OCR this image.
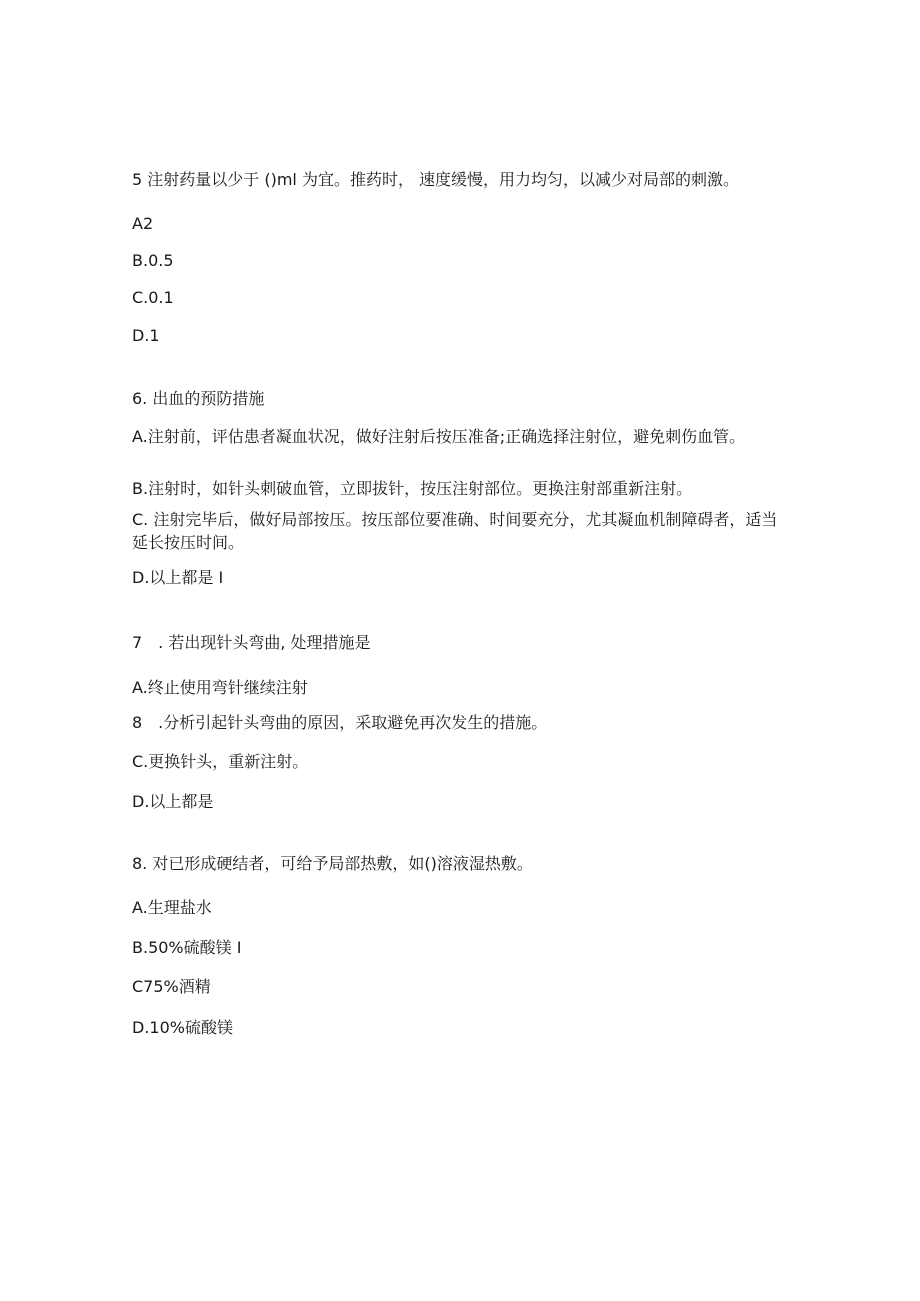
5 注射药量以少于 ()ml 为宜。推药时， 速度缓慢，用力均匀，以减少对局部的刺激。
A2
B.0.5
C.0.1
D.1
6. 出血的预防措施
A.注射前，评估患者凝血状况，做好注射后按压准备;正确选择注射位，避免刺伤血管。
B.注射时，如针头刺破血管，立即拔针，按压注射部位。更换注射部重新注射。
C. 注射完毕后，做好局部按压。按压部位要准确、时间要充分，尤其凝血机制障碍者，适当延长按压时间。
D.以上都是 I
7　. 若出现针头弯曲, 处理措施是
A.终止使用弯针继续注射
8　.分析引起针头弯曲的原因，采取避免再次发生的措施。
C.更换针头，重新注射。
D.以上都是
8. 对已形成硬结者，可给予局部热敷，如()溶液湿热敷。
A.生理盐水
B.50%硫酸镁 I
C75%酒精
D.10%硫酸镁
